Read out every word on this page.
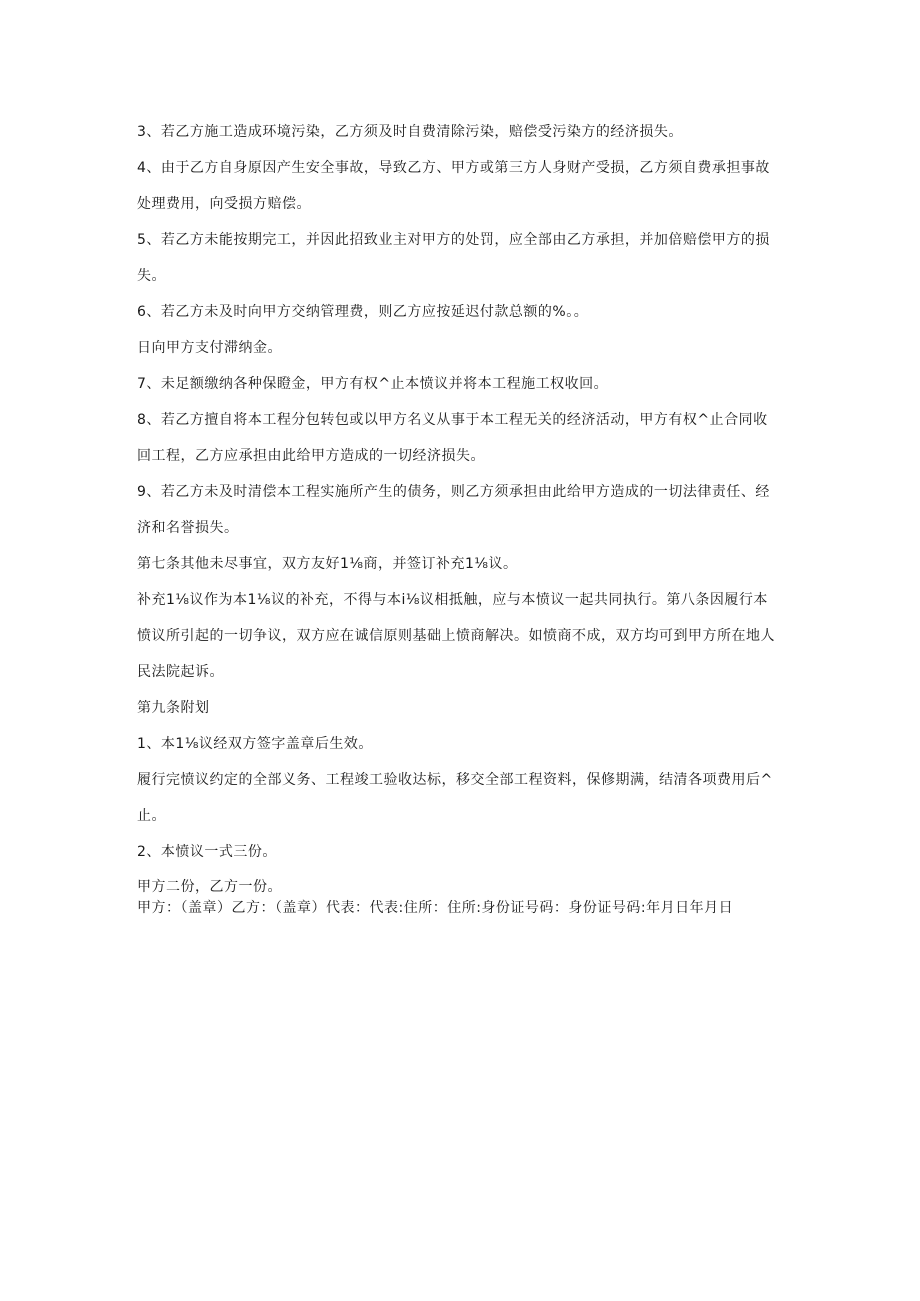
3、若乙方施工造成环境污染，乙方须及时自费清除污染，赔偿受污染方的经济损失。

4、由于乙方自身原因产生安全事故，导致乙方、甲方或第三方人身财产受损，乙方须自费承担事故处理费用，向受损方赔偿。

5、若乙方未能按期完工，并因此招致业主对甲方的处罚，应全部由乙方承担，并加倍赔偿甲方的损失。

6、若乙方未及时向甲方交纳管理费，则乙方应按延迟付款总额的%。。

日向甲方支付滞纳金。

7、未足额缴纳各种保瞪金，甲方有权^止本愤议并将本工程施工权收回。

8、若乙方擅自将本工程分包转包或以甲方名义从事于本工程无关的经济活动，甲方有权^止合同收回工程，乙方应承担由此给甲方造成的一切经济损失。

9、若乙方未及时清偿本工程实施所产生的债务，则乙方须承担由此给甲方造成的一切法律责任、经济和名誉损失。

第七条其他未尽事宜，双方友好1⅛商，并签订补充1⅛议。

补充1⅛议作为本1⅛议的补充，不得与本i⅛议相抵触，应与本愤议一起共同执行。第八条因履行本愤议所引起的一切争议，双方应在诚信原则基础上愤商解决。如愤商不成，双方均可到甲方所在地人民法院起诉。

第九条附划

1、本1⅛议经双方签字盖章后生效。

履行完愤议约定的全部义务、工程竣工验收达标，移交全部工程资料，保修期满，结清各项费用后^止。

2、本愤议一式三份。

甲方二份，乙方一份。

甲方：（盖章）乙方：（盖章）代表：代表:住所：住所:身份证号码：身份证号码:年月日年月日
